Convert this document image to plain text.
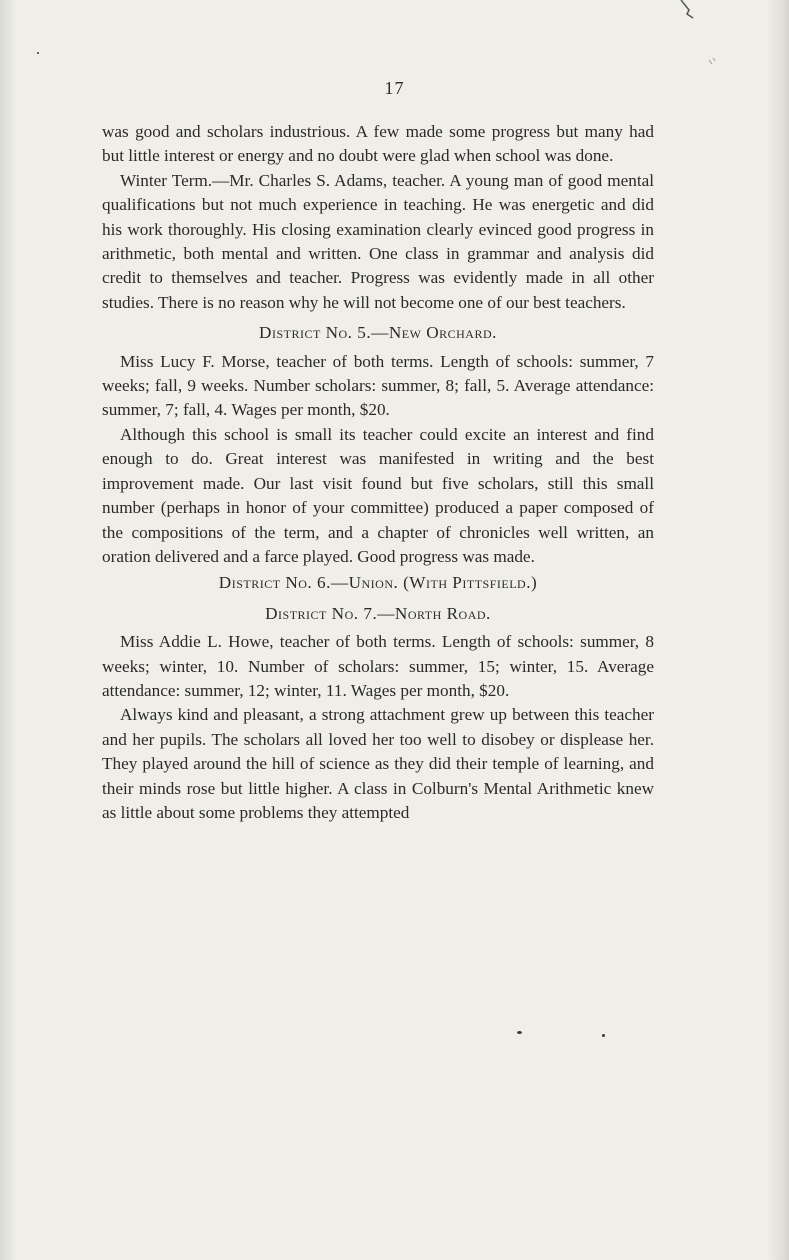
17

was good and scholars industrious. A few made some progress but many had but little interest or energy and no doubt were glad when school was done.

Winter Term.—Mr. Charles S. Adams, teacher. A young man of good mental qualifications but not much experience in teaching. He was energetic and did his work thoroughly. His closing examination clearly evinced good progress in arithmetic, both mental and written. One class in grammar and analysis did credit to themselves and teacher. Progress was evidently made in all other studies. There is no reason why he will not become one of our best teachers.

District No. 5.—New Orchard.

Miss Lucy F. Morse, teacher of both terms. Length of schools: summer, 7 weeks; fall, 9 weeks. Number scholars: summer, 8; fall, 5. Average attendance: summer, 7; fall, 4. Wages per month, $20.

Although this school is small its teacher could excite an interest and find enough to do. Great interest was manifested in writing and the best improvement made. Our last visit found but five scholars, still this small number (perhaps in honor of your committee) produced a paper composed of the compositions of the term, and a chapter of chronicles well written, an oration delivered and a farce played. Good progress was made.

District No. 6.—Union. (With Pittsfield.)

District No. 7.—North Road.

Miss Addie L. Howe, teacher of both terms. Length of schools: summer, 8 weeks; winter, 10. Number of scholars: summer, 15; winter, 15. Average attendance: summer, 12; winter, 11. Wages per month, $20.

Always kind and pleasant, a strong attachment grew up between this teacher and her pupils. The scholars all loved her too well to disobey or displease her. They played around the hill of science as they did their temple of learning, and their minds rose but little higher. A class in Colburn's Mental Arithmetic knew as little about some problems they attempted
